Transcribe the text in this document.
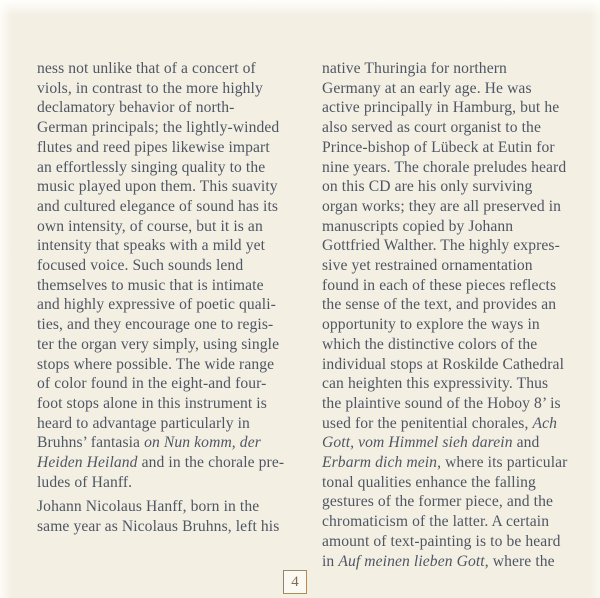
ness not unlike that of a concert of
viols, in contrast to the more highly
declamatory behavior of north-
German principals; the lightly-winded
flutes and reed pipes likewise impart
an effortlessly singing quality to the
music played upon them. This suavity
and cultured elegance of sound has its
own intensity, of course, but it is an
intensity that speaks with a mild yet
focused voice. Such sounds lend
themselves to music that is intimate
and highly expressive of poetic quali-
ties, and they encourage one to regis-
ter the organ very simply, using single
stops where possible. The wide range
of color found in the eight-and four-
foot stops alone in this instrument is
heard to advantage particularly in
Bruhns’ fantasia on Nun komm, der
Heiden Heiland and in the chorale pre-
ludes of Hanff.
Johann Nicolaus Hanff, born in the
same year as Nicolaus Bruhns, left his
native Thuringia for northern
Germany at an early age. He was
active principally in Hamburg, but he
also served as court organist to the
Prince-bishop of Lübeck at Eutin for
nine years. The chorale preludes heard
on this CD are his only surviving
organ works; they are all preserved in
manuscripts copied by Johann
Gottfried Walther. The highly expres-
sive yet restrained ornamentation
found in each of these pieces reflects
the sense of the text, and provides an
opportunity to explore the ways in
which the distinctive colors of the
individual stops at Roskilde Cathedral
can heighten this expressivity. Thus
the plaintive sound of the Hoboy 8’ is
used for the penitential chorales, Ach
Gott, vom Himmel sieh darein and
Erbarm dich mein, where its particular
tonal qualities enhance the falling
gestures of the former piece, and the
chromaticism of the latter. A certain
amount of text-painting is to be heard
in Auf meinen lieben Gott, where the
4
